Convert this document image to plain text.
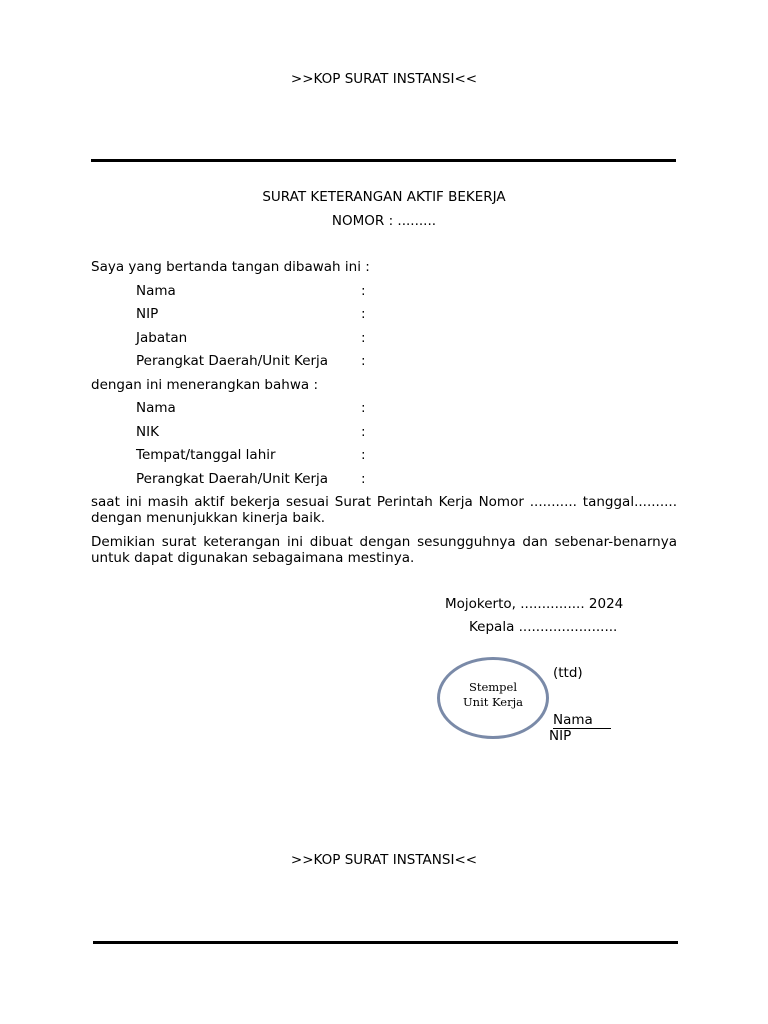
>>KOP SURAT INSTANSI<<
SURAT KETERANGAN AKTIF BEKERJA
NOMOR : .........
Saya yang bertanda tangan dibawah ini :
Nama	:
NIP	:
Jabatan	:
Perangkat Daerah/Unit Kerja :
dengan ini menerangkan bahwa :
Nama	:
NIK	:
Tempat/tanggal lahir	:
Perangkat Daerah/Unit Kerja :
saat ini masih aktif bekerja sesuai Surat Perintah Kerja Nomor ........... tanggal.......... dengan menunjukkan kinerja baik.
Demikian surat keterangan ini dibuat dengan sesungguhnya dan sebenar-benarnya untuk dapat digunakan sebagaimana mestinya.
Mojokerto, ............... 2024
Kepala .......................
(ttd)
Stempel
Unit Kerja
Nama
NIP
>>KOP SURAT INSTANSI<<
